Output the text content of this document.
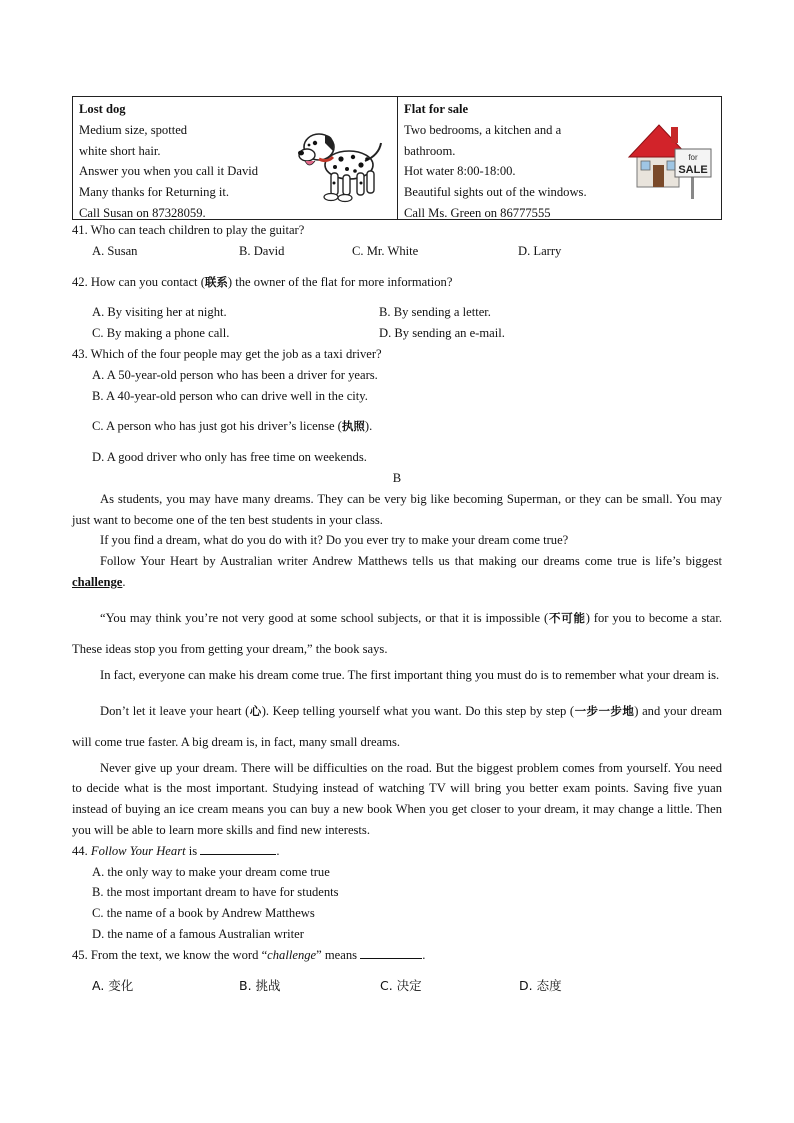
Lost dog
Medium size, spotted
white short hair.
Answer you when you call it David
Many thanks for Returning it.
Call Susan on 87328059.
Flat for sale
Two bedrooms, a kitchen and a
bathroom.
Hot water 8:00-18:00.
Beautiful sights out of the windows.
Call Ms. Green on 86777555
for
SALE
41. Who can teach children to play the guitar?
A. Susan	B. David	C. Mr. White	D. Larry
42. How can you contact (联系) the owner of the flat for more information?
A. By visiting her at night.	B. By sending a letter.
C. By making a phone call.	D. By sending an e-mail.
43. Which of the four people may get the job as a taxi driver?
A. A 50-year-old person who has been a driver for years.
B. A 40-year-old person who can drive well in the city.
C. A person who has just got his driver’s license (执照).
D. A good driver who only has free time on weekends.
B

As students, you may have many dreams. They can be very big like becoming Superman, or they can be small. You may just want to become one of the ten best students in your class.

If you find a dream, what do you do with it? Do you ever try to make your dream come true?

Follow Your Heart by Australian writer Andrew Matthews tells us that making our dreams come true is life’s biggest challenge.

“You may think you’re not very good at some school subjects, or that it is impossible (不可能) for you to become a star. These ideas stop you from getting your dream,” the book says.

In fact, everyone can make his dream come true. The first important thing you must do is to remember what your dream is.

Don’t let it leave your heart (心). Keep telling yourself what you want. Do this step by step (一步一步地) and your dream will come true faster. A big dream is, in fact, many small dreams.

Never give up your dream. There will be difficulties on the road. But the biggest problem comes from yourself. You need to decide what is the most important. Studying instead of watching TV will bring you better exam points. Saving five yuan instead of buying an ice cream means you can buy a new book When you get closer to your dream, it may change a little. Then you will be able to learn more skills and find new interests.

44. Follow Your Heart is	.
A. the only way to make your dream come true
B. the most important dream to have for students
C. the name of a book by Andrew Matthews
D. the name of a famous Australian writer
45. From the text, we know the word “challenge” means	.
A. 变化	B. 挑战	C. 决定	D. 态度
